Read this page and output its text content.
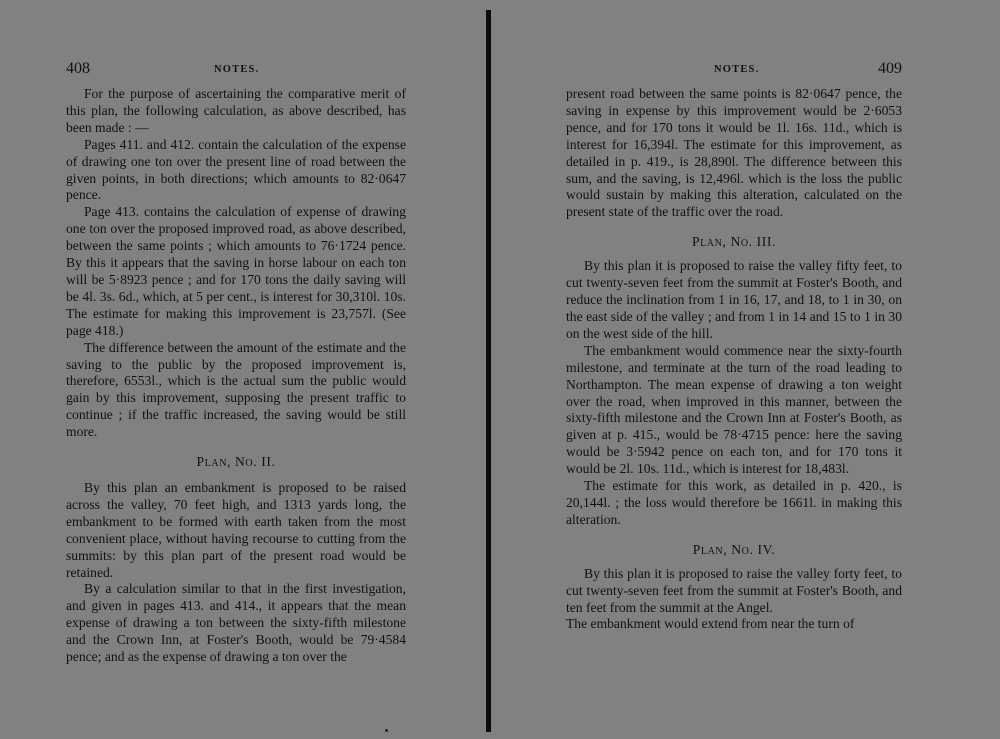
408	NOTES.

For the purpose of ascertaining the comparative merit of this plan, the following calculation, as above described, has been made : —

Pages 411. and 412. contain the calculation of the expense of drawing one ton over the present line of road between the given points, in both directions; which amounts to 82·0647 pence.

Page 413. contains the calculation of expense of drawing one ton over the proposed improved road, as above described, between the same points ; which amounts to 76·1724 pence. By this it appears that the saving in horse labour on each ton will be 5·8923 pence ; and for 170 tons the daily saving will be 4l. 3s. 6d., which, at 5 per cent., is interest for 30,310l. 10s. The estimate for making this improvement is 23,757l. (See page 418.)

The difference between the amount of the estimate and the saving to the public by the proposed improvement is, therefore, 6553l., which is the actual sum the public would gain by this improvement, supposing the present traffic to continue ; if the traffic increased, the saving would be still more.

Plan, No. II.

By this plan an embankment is proposed to be raised across the valley, 70 feet high, and 1313 yards long, the embankment to be formed with earth taken from the most convenient place, without having recourse to cutting from the summits: by this plan part of the present road would be retained.

By a calculation similar to that in the first investigation, and given in pages 413. and 414., it appears that the mean expense of drawing a ton between the sixty-fifth milestone and the Crown Inn, at Foster's Booth, would be 79·4584 pence; and as the expense of drawing a ton over the

NOTES.	409

present road between the same points is 82·0647 pence, the saving in expense by this improvement would be 2·6053 pence, and for 170 tons it would be 1l. 16s. 11d., which is interest for 16,394l. The estimate for this improvement, as detailed in p. 419., is 28,890l. The difference between this sum, and the saving, is 12,496l. which is the loss the public would sustain by making this alteration, calculated on the present state of the traffic over the road.

Plan, No. III.

By this plan it is proposed to raise the valley fifty feet, to cut twenty-seven feet from the summit at Foster's Booth, and reduce the inclination from 1 in 16, 17, and 18, to 1 in 30, on the east side of the valley ; and from 1 in 14 and 15 to 1 in 30 on the west side of the hill.

The embankment would commence near the sixty-fourth milestone, and terminate at the turn of the road leading to Northampton. The mean expense of drawing a ton weight over the road, when improved in this manner, between the sixty-fifth milestone and the Crown Inn at Foster's Booth, as given at p. 415., would be 78·4715 pence: here the saving would be 3·5942 pence on each ton, and for 170 tons it would be 2l. 10s. 11d., which is interest for 18,483l.

The estimate for this work, as detailed in p. 420., is 20,144l. ; the loss would therefore be 1661l. in making this alteration.

Plan, No. IV.

By this plan it is proposed to raise the valley forty feet, to cut twenty-seven feet from the summit at Foster's Booth, and ten feet from the summit at the Angel.

The embankment would extend from near the turn of
